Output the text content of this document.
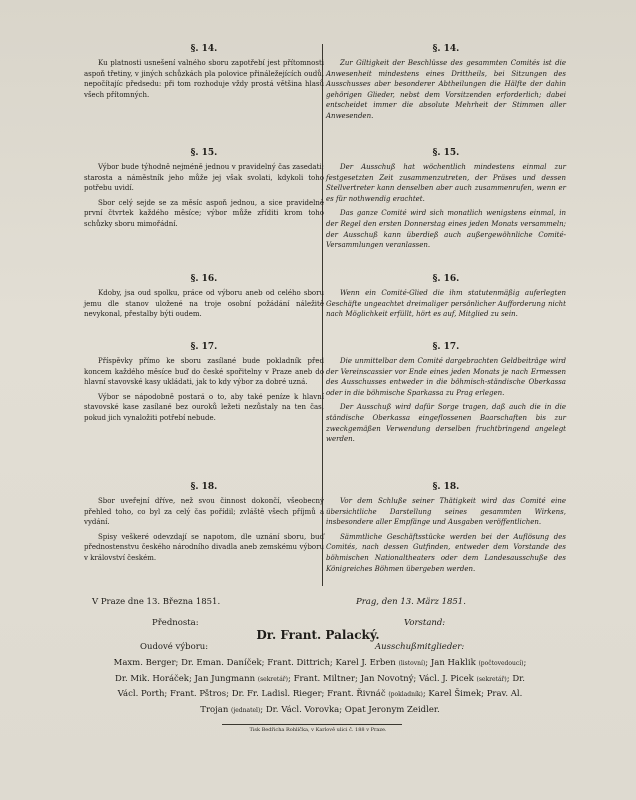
§. 14.

Ku platnosti usnešení valného sboru zapotřebí jest přítomnosti aspoň třetiny, v jiných schůzkách pla polovice přináležejících oudů, nepočítajíc předsedu: při tom rozhoduje vždy prostá většina hlasů všech přítomných.

§. 15.

Výbor bude týhodně nejméně jednou v pravidelný čas zasedati; starosta a náměstník jeho může jej však svolati, kdykoli toho potřebu uvidí.

Sbor celý sejde se za měsíc aspoň jednou, a sice pravidelně první čtvrtek každého měsíce; výbor může zříditi krom toho schůzky sboru mimořádní.

§. 16.

Kdoby, jsa oud spolku, práce od výboru aneb od celého sboru jemu dle stanov uložené na troje osobní požádání náležitě nevykonal, přestalby býti oudem.

§. 17.

Příspěvky přímo ke sboru zasílané bude pokladník před koncem každého měsíce buď do české spořitelny v Praze aneb do hlavní stavovské kasy ukládati, jak to kdy výbor za dobré uzná.

Výbor se nápodobně postará o to, aby také peníze k hlavní stavovské kase zasílané bez ouroků ležeti nezůstaly na ten čas, pokud jich vynaložiti potřebí nebude.

§. 18.

Sbor uveřejní dříve, než svou činnost dokončí, všeobecný přehled toho, co byl za celý čas pořídil; zvláště všech příjmů a vydání.

Spisy veškeré odevzdají se napotom, dle uznání sboru, buď přednostenstvu českého národního divadla aneb zemskému výboru v království českém.

§. 14.

Zur Giltigkeit der Beschlüsse des gesammten Comités ist die Anwesenheit mindestens eines Drittheils, bei Sitzungen des Ausschusses aber besonderer Abtheilungen die Hälfte der dahin gehörigen Glieder, nebst dem Vorsitzenden erforderlich; dabei entscheidet immer die absolute Mehrheit der Stimmen aller Anwesenden.

§. 15.

Der Ausschuß hat wöchentlich mindestens einmal zur festgesetzten Zeit zusammenzutreten, der Präses und dessen Stellvertreter kann denselben aber auch zusammenrufen, wenn er es für nothwendig erachtet.

Das ganze Comité wird sich monatlich wenigstens einmal, in der Regel den ersten Donnerstag eines jeden Monats versammeln; der Ausschuß kann überdieß auch außergewöhnliche Comité-Versammlungen veranlassen.

§. 16.

Wenn ein Comité-Glied die ihm statutenmäßig auferlegten Geschäfte ungeachtet dreimaliger persönlicher Aufforderung nicht nach Möglichkeit erfüllt, hört es auf, Mitglied zu sein.

§. 17.

Die unmittelbar dem Comité dargebrachten Geldbeiträge wird der Vereinscassier vor Ende eines jeden Monats je nach Ermessen des Ausschusses entweder in die böhmisch-ständische Oberkassa oder in die böhmische Sparkassa zu Prag erlegen.

Der Ausschuß wird dafür Sorge tragen, daß auch die in die ständische Oberkassa eingeflossenen Baarschaften bis zur zweckgemäßen Verwendung derselben fruchtbringend angelegt werden.

§. 18.

Vor dem Schluße seiner Thätigkeit wird das Comité eine übersichtliche Darstellung seines gesammten Wirkens, insbesondere aller Empfänge und Ausgaben veröffentlichen.

Sämmtliche Geschäftsstücke werden bei der Auflösung des Comités, nach dessen Gutfinden, entweder dem Vorstande des böhmischen Nationaltheaters oder dem Landesausschuße des Königreiches Böhmen übergeben werden.

V Praze dne 13. Března 1851.	Prag, den 13. März 1851.
Přednosta:	Vorstand:
Dr. Frant. Palacký.
Oudové výboru:	Ausschußmitglieder:
Maxm. Berger; Dr. Eman. Daníček; Frant. Dittrich; Karel J. Erben (listovní); Jan Haklik (počtovedoucí);
Dr. Mik. Horáček; Jan Jungmann (sekretář); Frant. Miltner; Jan Novotný; Václ. J. Picek (sekretář); Dr.
Václ. Porth; Frant. Pštros; Dr. Fr. Ladisl. Rieger; Frant. Řivnáč (pokladník); Karel Šimek; Prav. Al.
Trojan (jednatel); Dr. Václ. Vorovka; Opat Jeronym Zeidler.
Tisk Bedřicha Rohlíčka, v Karlově ulici č. 188 v Praze.
